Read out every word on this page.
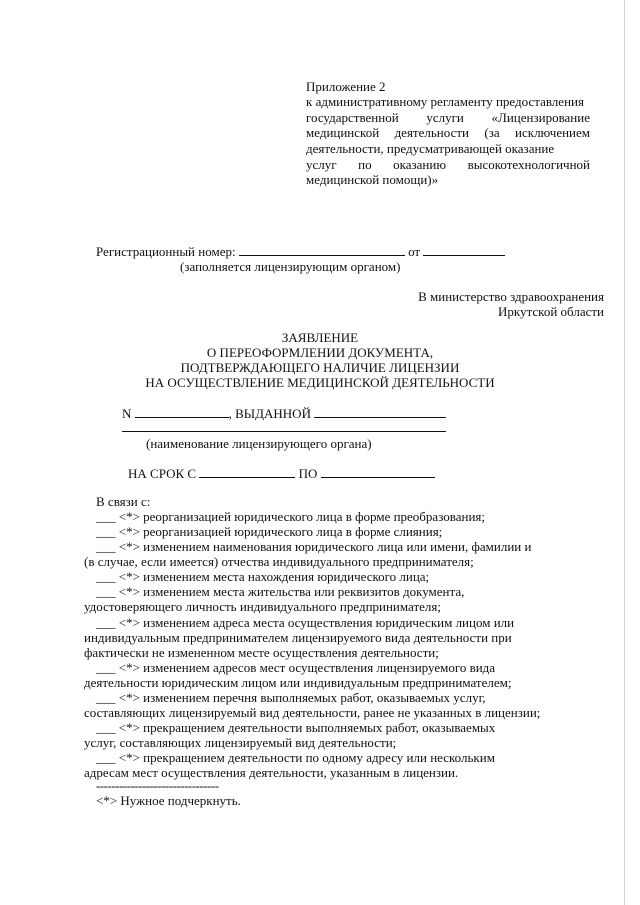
Приложение 2
к административному регламенту предоставления
государственной услуги «Лицензирование
медицинской деятельности (за исключением
деятельности, предусматривающей оказание
услуг по оказанию высокотехнологичной
медицинской помощи)»
Регистрационный номер:	от
(заполняется лицензирующим органом)
В министерство здравоохранения
Иркутской области
ЗАЯВЛЕНИЕ
О ПЕРЕОФОРМЛЕНИИ ДОКУМЕНТА,
ПОДТВЕРЖДАЮЩЕГО НАЛИЧИЕ ЛИЦЕНЗИИ
НА ОСУЩЕСТВЛЕНИЕ МЕДИЦИНСКОЙ ДЕЯТЕЛЬНОСТИ
N	, ВЫДАННОЙ
(наименование лицензирующего органа)
НА СРОК С	ПО
В связи с:
___ <*> реорганизацией юридического лица в форме преобразования;
___ <*> реорганизацией юридического лица в форме слияния;
___ <*> изменением наименования юридического лица или имени, фамилии и
(в случае, если имеется) отчества индивидуального предпринимателя;
___ <*> изменением места нахождения юридического лица;
___ <*> изменением места жительства или реквизитов документа,
удостоверяющего личность индивидуального предпринимателя;
___ <*> изменением адреса места осуществления юридическим лицом или
индивидуальным предпринимателем лицензируемого вида деятельности при
фактически не измененном месте осуществления деятельности;
___ <*> изменением адресов мест осуществления лицензируемого вида
деятельности юридическим лицом или индивидуальным предпринимателем;
___ <*> изменением перечня выполняемых работ, оказываемых услуг,
составляющих лицензируемый вид деятельности, ранее не указанных в лицензии;
___ <*> прекращением деятельности выполняемых работ, оказываемых
услуг, составляющих лицензируемый вид деятельности;
___ <*> прекращением деятельности по одному адресу или нескольким
адресам мест осуществления деятельности, указанным в лицензии.
--------------------------------
<*> Нужное подчеркнуть.
